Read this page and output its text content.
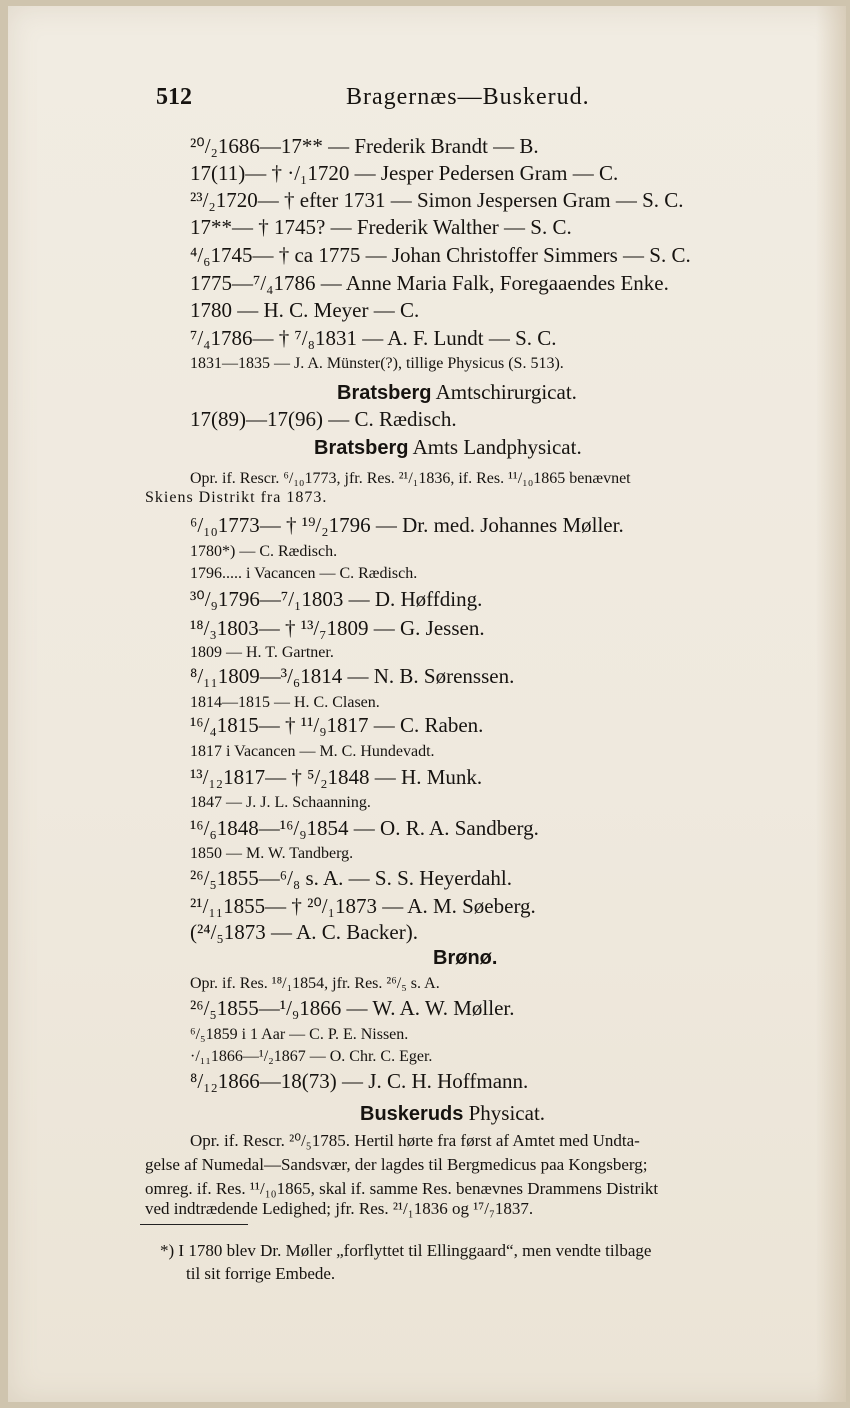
512	Bragernæs—Buskerud.
²⁰/₂1686—17** — Frederik Brandt — B.
17(11)— † ·/₁1720 — Jesper Pedersen Gram — C.
²³/₂1720— † efter 1731 — Simon Jespersen Gram — S. C.
17**— † 1745? — Frederik Walther — S. C.
⁴/₆1745— † ca 1775 — Johan Christoffer Simmers — S. C.
1775—⁷/₄1786 — Anne Maria Falk, Foregaaendes Enke.
1780 — H. C. Meyer — C.
⁷/₄1786— † ⁷/₈1831 — A. F. Lundt — S. C.
1831—1835 — J. A. Münster(?), tillige Physicus (S. 513).
Bratsberg Amtschirurgicat.
17(89)—17(96) — C. Rædisch.
Bratsberg Amts Landphysicat.
Opr. if. Rescr. ⁶/₁₀1773, jfr. Res. ²¹/₁1836, if. Res. ¹¹/₁₀1865 benævnet
Skiens Distrikt fra 1873.
⁶/₁₀1773— † ¹⁹/₂1796 — Dr. med. Johannes Møller.
1780*) — C. Rædisch.
1796..... i Vacancen — C. Rædisch.
³⁰/₉1796—⁷/₁1803 — D. Høffding.
¹⁸/₃1803— † ¹³/₇1809 — G. Jessen.
1809 — H. T. Gartner.
⁸/₁₁1809—³/₆1814 — N. B. Sørenssen.
1814—1815 — H. C. Clasen.
¹⁶/₄1815— † ¹¹/₉1817 — C. Raben.
1817 i Vacancen — M. C. Hundevadt.
¹³/₁₂1817— † ⁵/₂1848 — H. Munk.
1847 — J. J. L. Schaanning.
¹⁶/₆1848—¹⁶/₉1854 — O. R. A. Sandberg.
1850 — M. W. Tandberg.
²⁶/₅1855—⁶/₈ s. A. — S. S. Heyerdahl.
²¹/₁₁1855— † ²⁰/₁1873 — A. M. Søeberg.
(²⁴/₅1873 — A. C. Backer).
Brønø.
Opr. if. Res. ¹⁸/₁1854, jfr. Res. ²⁶/₅ s. A.
²⁶/₅1855—¹/₉1866 — W. A. W. Møller.
⁶/₅1859 i 1 Aar — C. P. E. Nissen.
·/₁₁1866—¹/₂1867 — O. Chr. C. Eger.
⁸/₁₂1866—18(73) — J. C. H. Hoffmann.
Buskeruds Physicat.
Opr. if. Rescr. ²⁰/₅1785. Hertil hørte fra først af Amtet med Undta-
gelse af Numedal—Sandsvær, der lagdes til Bergmedicus paa Kongsberg;
omreg. if. Res. ¹¹/₁₀1865, skal if. samme Res. benævnes Drammens Distrikt
ved indtrædende Ledighed; jfr. Res. ²¹/₁1836 og ¹⁷/₇1837.
*) I 1780 blev Dr. Møller „forflyttet til Ellinggaard“, men vendte tilbage
til sit forrige Embede.
